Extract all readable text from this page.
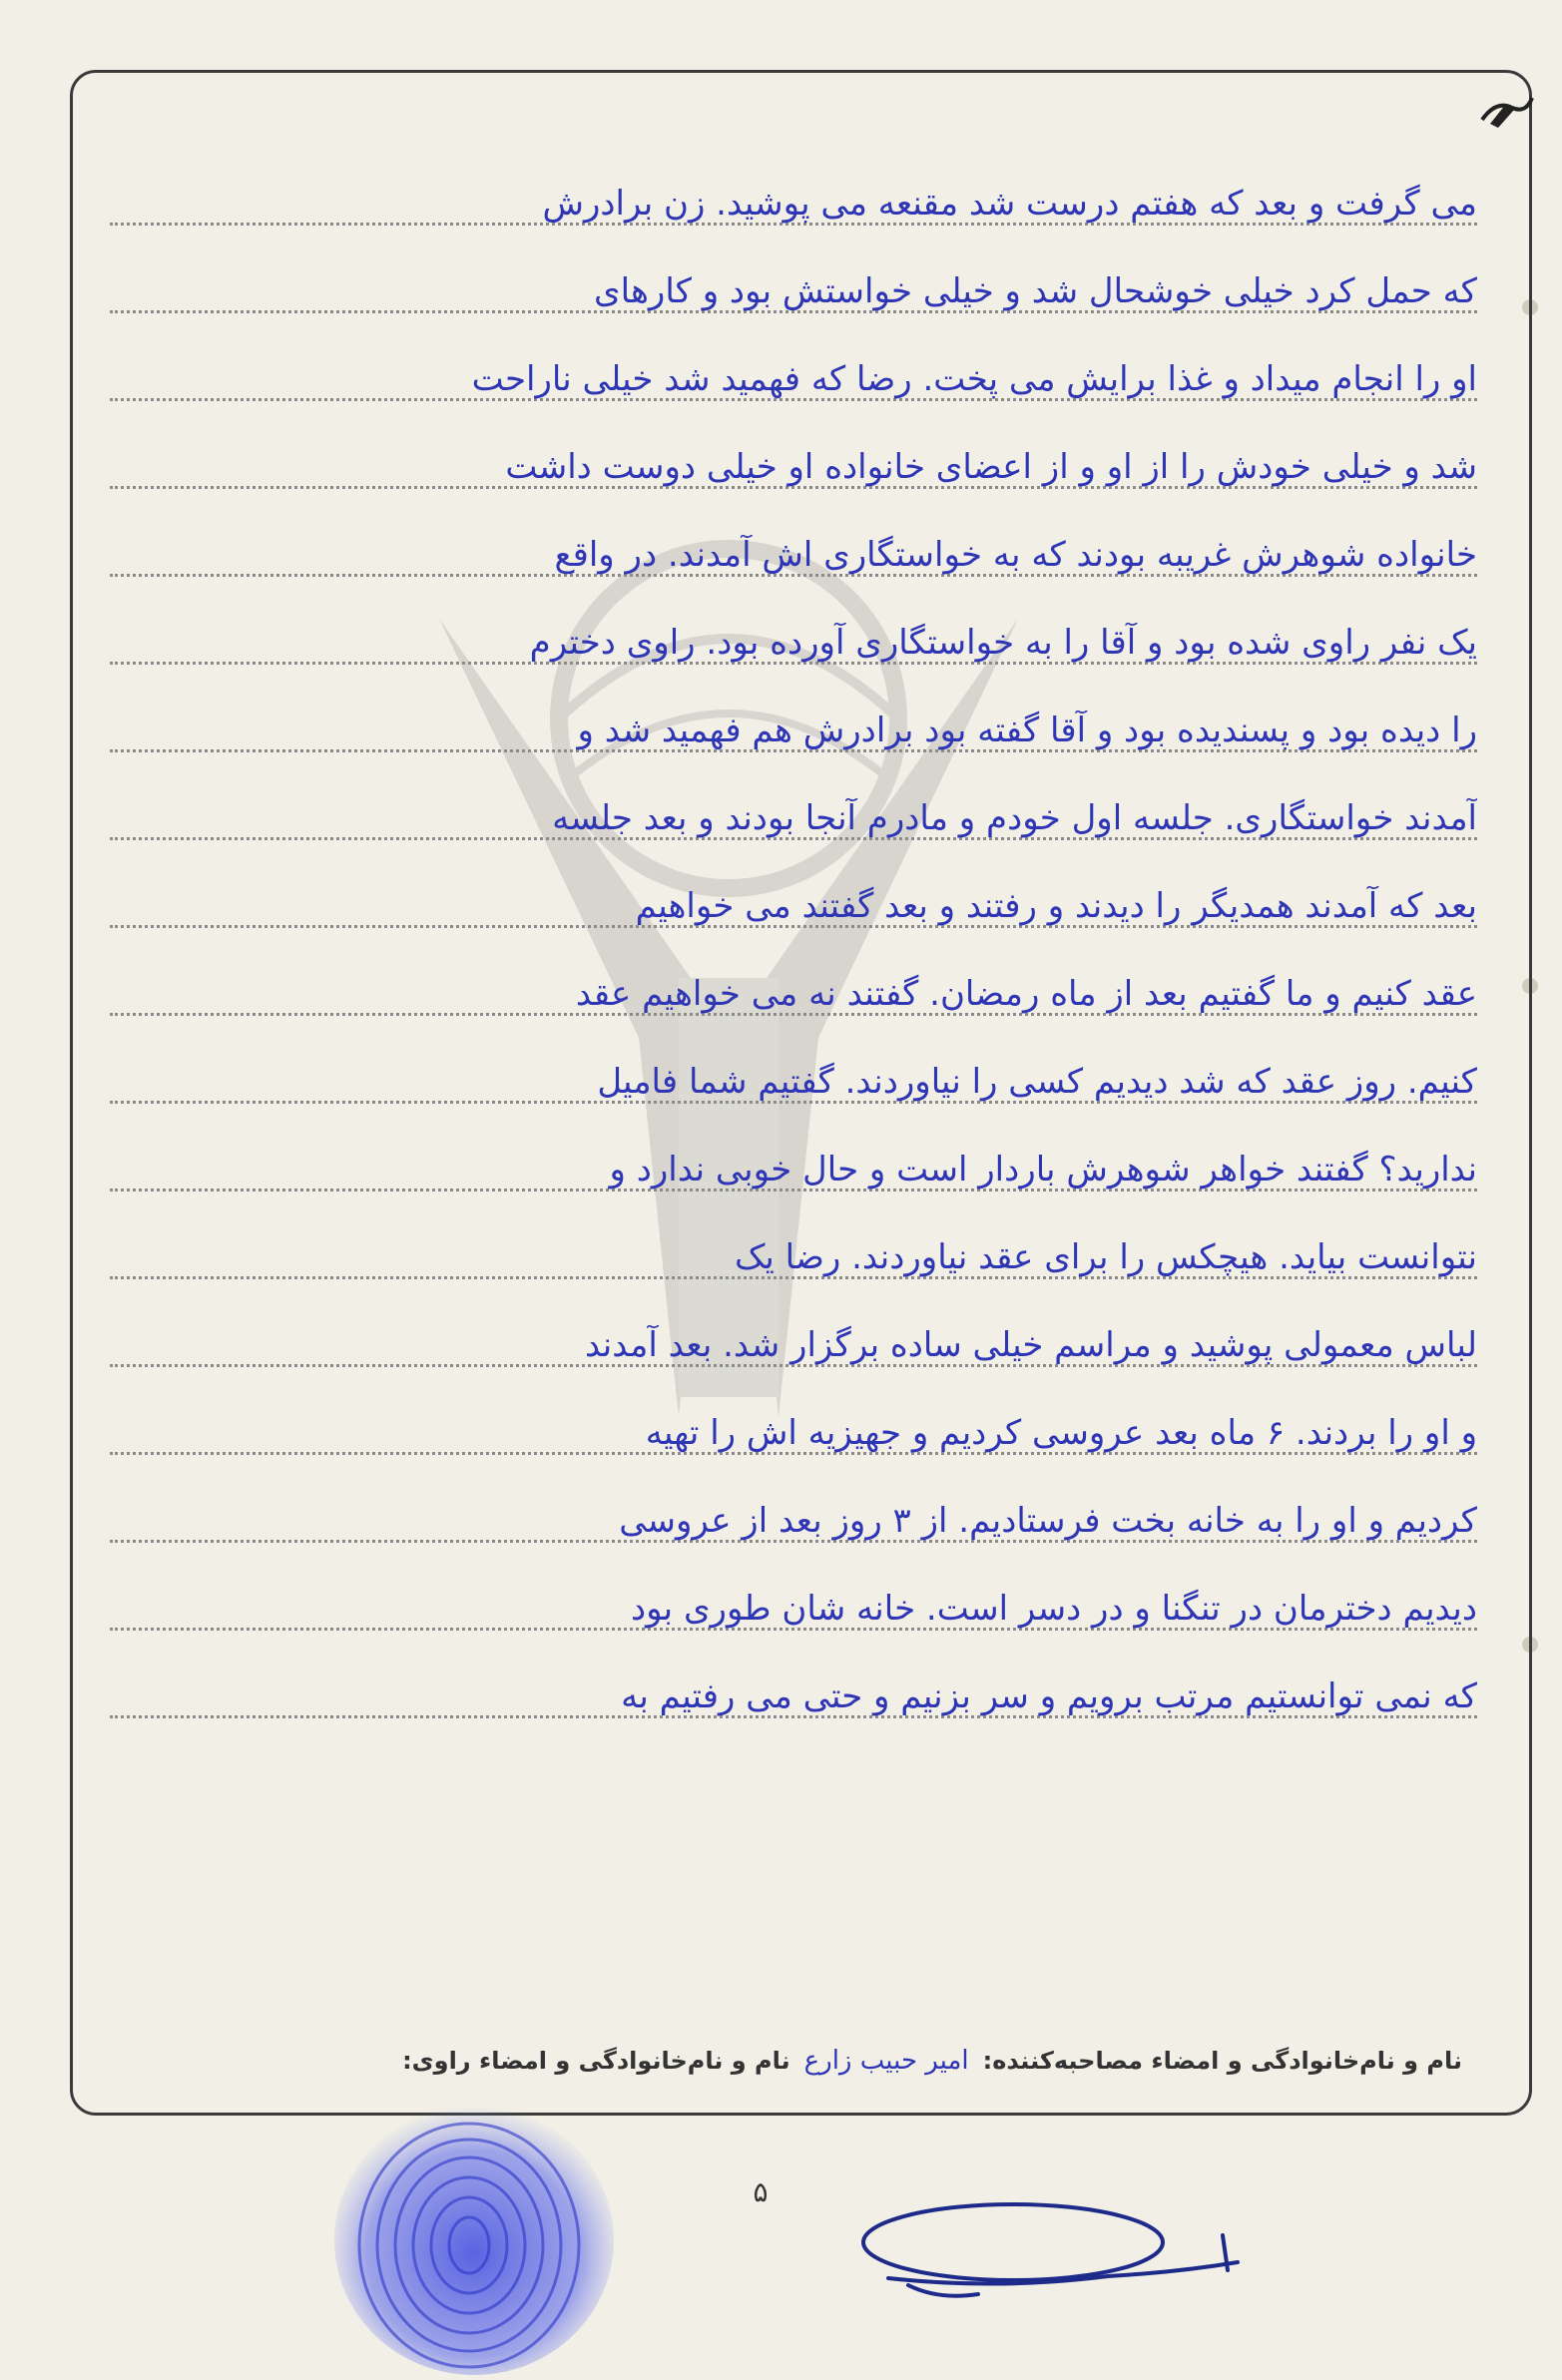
می گرفت و بعد که هفتم درست شد مقنعه می پوشید. زن برادرش
که حمل کرد خیلی خوشحال شد و خیلی خواستش بود و کارهای
او را انجام میداد و غذا برایش می پخت. رضا که فهمید شد خیلی ناراحت
شد و خیلی خودش را از او و از اعضای خانواده او خیلی دوست داشت
خانواده شوهرش غریبه بودند که به خواستگاری اش آمدند. در واقع
یک نفر راوی شده بود و آقا را به خواستگاری آورده بود. راوی دخترم
را دیده بود و پسندیده بود و آقا گفته بود برادرش هم فهمید شد و
آمدند خواستگاری. جلسه اول خودم و مادرم آنجا بودند و بعد جلسه
بعد که آمدند همدیگر را دیدند و رفتند و بعد گفتند می خواهیم
عقد کنیم و ما گفتیم بعد از ماه رمضان. گفتند نه می خواهیم عقد
کنیم. روز عقد که شد دیدیم کسی را نیاوردند. گفتیم شما فامیل
ندارید؟ گفتند خواهر شوهرش باردار است و حال خوبی ندارد و
نتوانست بیاید. هیچکس را برای عقد نیاوردند. رضا یک
لباس معمولی پوشید و مراسم خیلی ساده برگزار شد. بعد آمدند
و او را بردند. ۶ ماه بعد عروسی کردیم و جهیزیه اش را تهیه
کردیم و او را به خانه بخت فرستادیم. از ۳ روز بعد از عروسی
دیدیم دخترمان در تنگنا و در دسر است. خانه شان طوری بود
که نمی توانستیم مرتب برویم و سر بزنیم و حتی می رفتیم به
نام و نام‌خانوادگی و امضاء مصاحبه‌کننده:
امیر حبیب زارع
نام و نام‌خانوادگی و امضاء راوی:
۵
